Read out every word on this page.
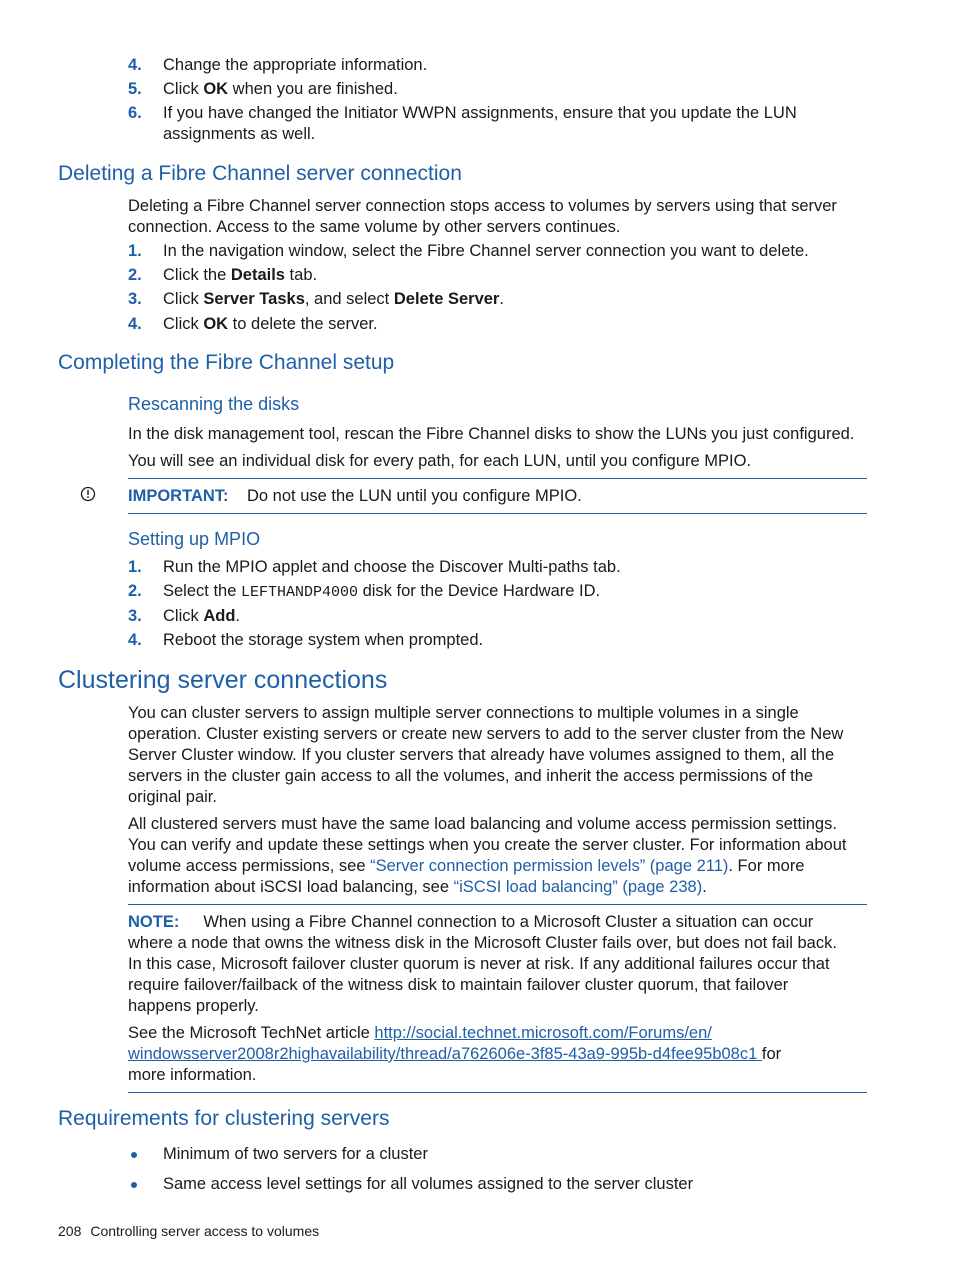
4. Change the appropriate information.
5. Click OK when you are finished.
6. If you have changed the Initiator WWPN assignments, ensure that you update the LUN
assignments as well.
Deleting a Fibre Channel server connection
Deleting a Fibre Channel server connection stops access to volumes by servers using that server
connection. Access to the same volume by other servers continues.
1. In the navigation window, select the Fibre Channel server connection you want to delete.
2. Click the Details tab.
3. Click Server Tasks, and select Delete Server.
4. Click OK to delete the server.
Completing the Fibre Channel setup
Rescanning the disks
In the disk management tool, rescan the Fibre Channel disks to show the LUNs you just configured.
You will see an individual disk for every path, for each LUN, until you configure MPIO.
IMPORTANT: Do not use the LUN until you configure MPIO.
Setting up MPIO
1. Run the MPIO applet and choose the Discover Multi-paths tab.
2. Select the LEFTHANDP4000 disk for the Device Hardware ID.
3. Click Add.
4. Reboot the storage system when prompted.
Clustering server connections
You can cluster servers to assign multiple server connections to multiple volumes in a single
operation. Cluster existing servers or create new servers to add to the server cluster from the New
Server Cluster window. If you cluster servers that already have volumes assigned to them, all the
servers in the cluster gain access to all the volumes, and inherit the access permissions of the
original pair.
All clustered servers must have the same load balancing and volume access permission settings.
You can verify and update these settings when you create the server cluster. For information about
volume access permissions, see “Server connection permission levels” (page 211). For more
information about iSCSI load balancing, see “iSCSI load balancing” (page 238).
NOTE: When using a Fibre Channel connection to a Microsoft Cluster a situation can occur
where a node that owns the witness disk in the Microsoft Cluster fails over, but does not fail back.
In this case, Microsoft failover cluster quorum is never at risk. If any additional failures occur that
require failover/failback of the witness disk to maintain failover cluster quorum, that failover
happens properly.
See the Microsoft TechNet article http://social.technet.microsoft.com/Forums/en/
windowsserver2008r2highavailability/thread/a762606e-3f85-43a9-995b-d4fee95b08c1 for
more information.
Requirements for clustering servers
Minimum of two servers for a cluster
Same access level settings for all volumes assigned to the server cluster
208 Controlling server access to volumes
